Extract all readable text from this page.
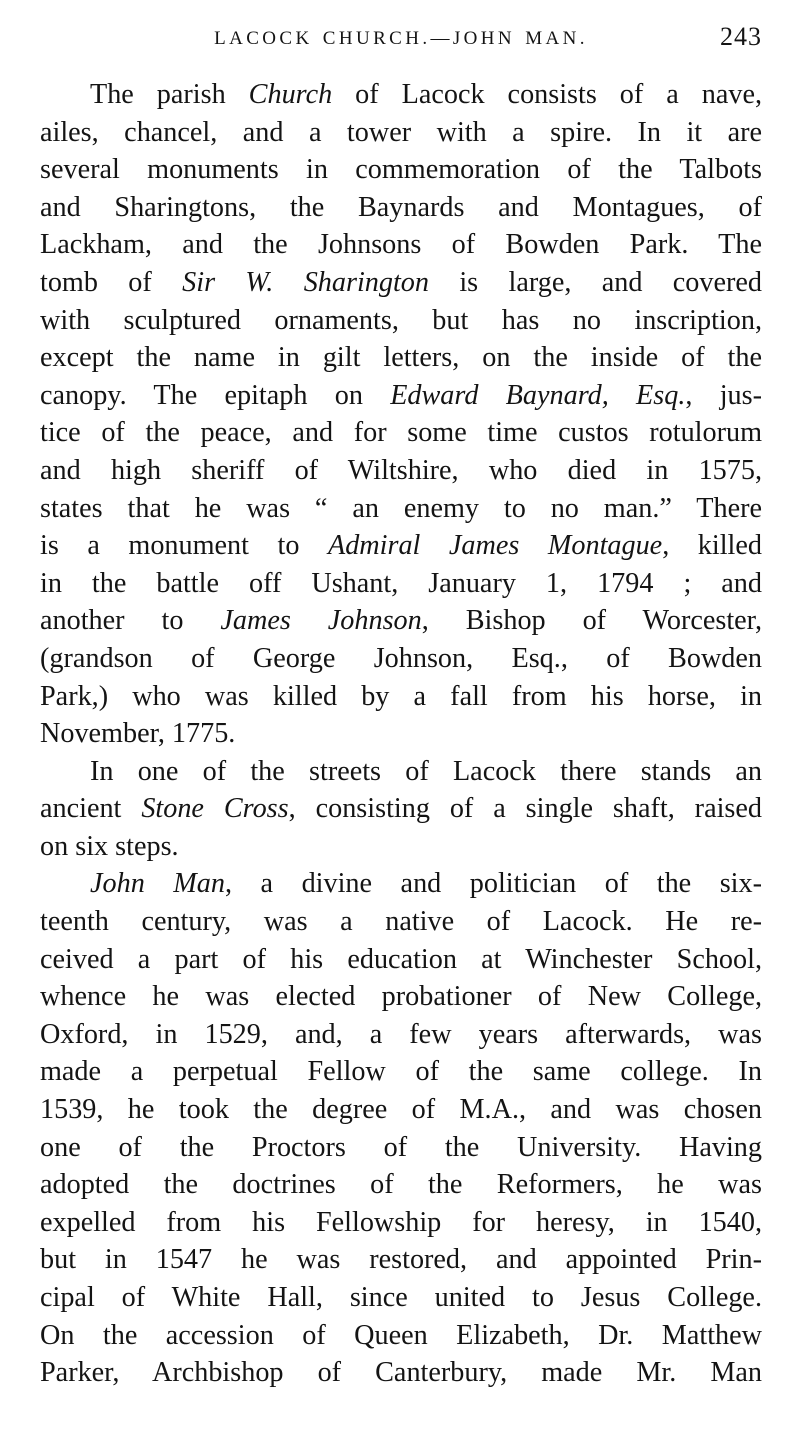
LACOCK CHURCH.—JOHN MAN.	243
The parish Church of Lacock consists of a nave,
ailes, chancel, and a tower with a spire. In it are
several monuments in commemoration of the Talbots
and Sharingtons, the Baynards and Montagues, of
Lackham, and the Johnsons of Bowden Park. The
tomb of Sir W. Sharington is large, and covered
with sculptured ornaments, but has no inscription,
except the name in gilt letters, on the inside of the
canopy. The epitaph on Edward Baynard, Esq., jus-
tice of the peace, and for some time custos rotulorum
and high sheriff of Wiltshire, who died in 1575,
states that he was “ an enemy to no man.” There
is a monument to Admiral James Montague, killed
in the battle off Ushant, January 1, 1794 ; and
another to James Johnson, Bishop of Worcester,
(grandson of George Johnson, Esq., of Bowden
Park,) who was killed by a fall from his horse, in
November, 1775.
In one of the streets of Lacock there stands an
ancient Stone Cross, consisting of a single shaft, raised
on six steps.
John Man, a divine and politician of the six-
teenth century, was a native of Lacock. He re-
ceived a part of his education at Winchester School,
whence he was elected probationer of New College,
Oxford, in 1529, and, a few years afterwards, was
made a perpetual Fellow of the same college. In
1539, he took the degree of M.A., and was chosen
one of the Proctors of the University. Having
adopted the doctrines of the Reformers, he was
expelled from his Fellowship for heresy, in 1540,
but in 1547 he was restored, and appointed Prin-
cipal of White Hall, since united to Jesus College.
On the accession of Queen Elizabeth, Dr. Matthew
Parker, Archbishop of Canterbury, made Mr. Man
